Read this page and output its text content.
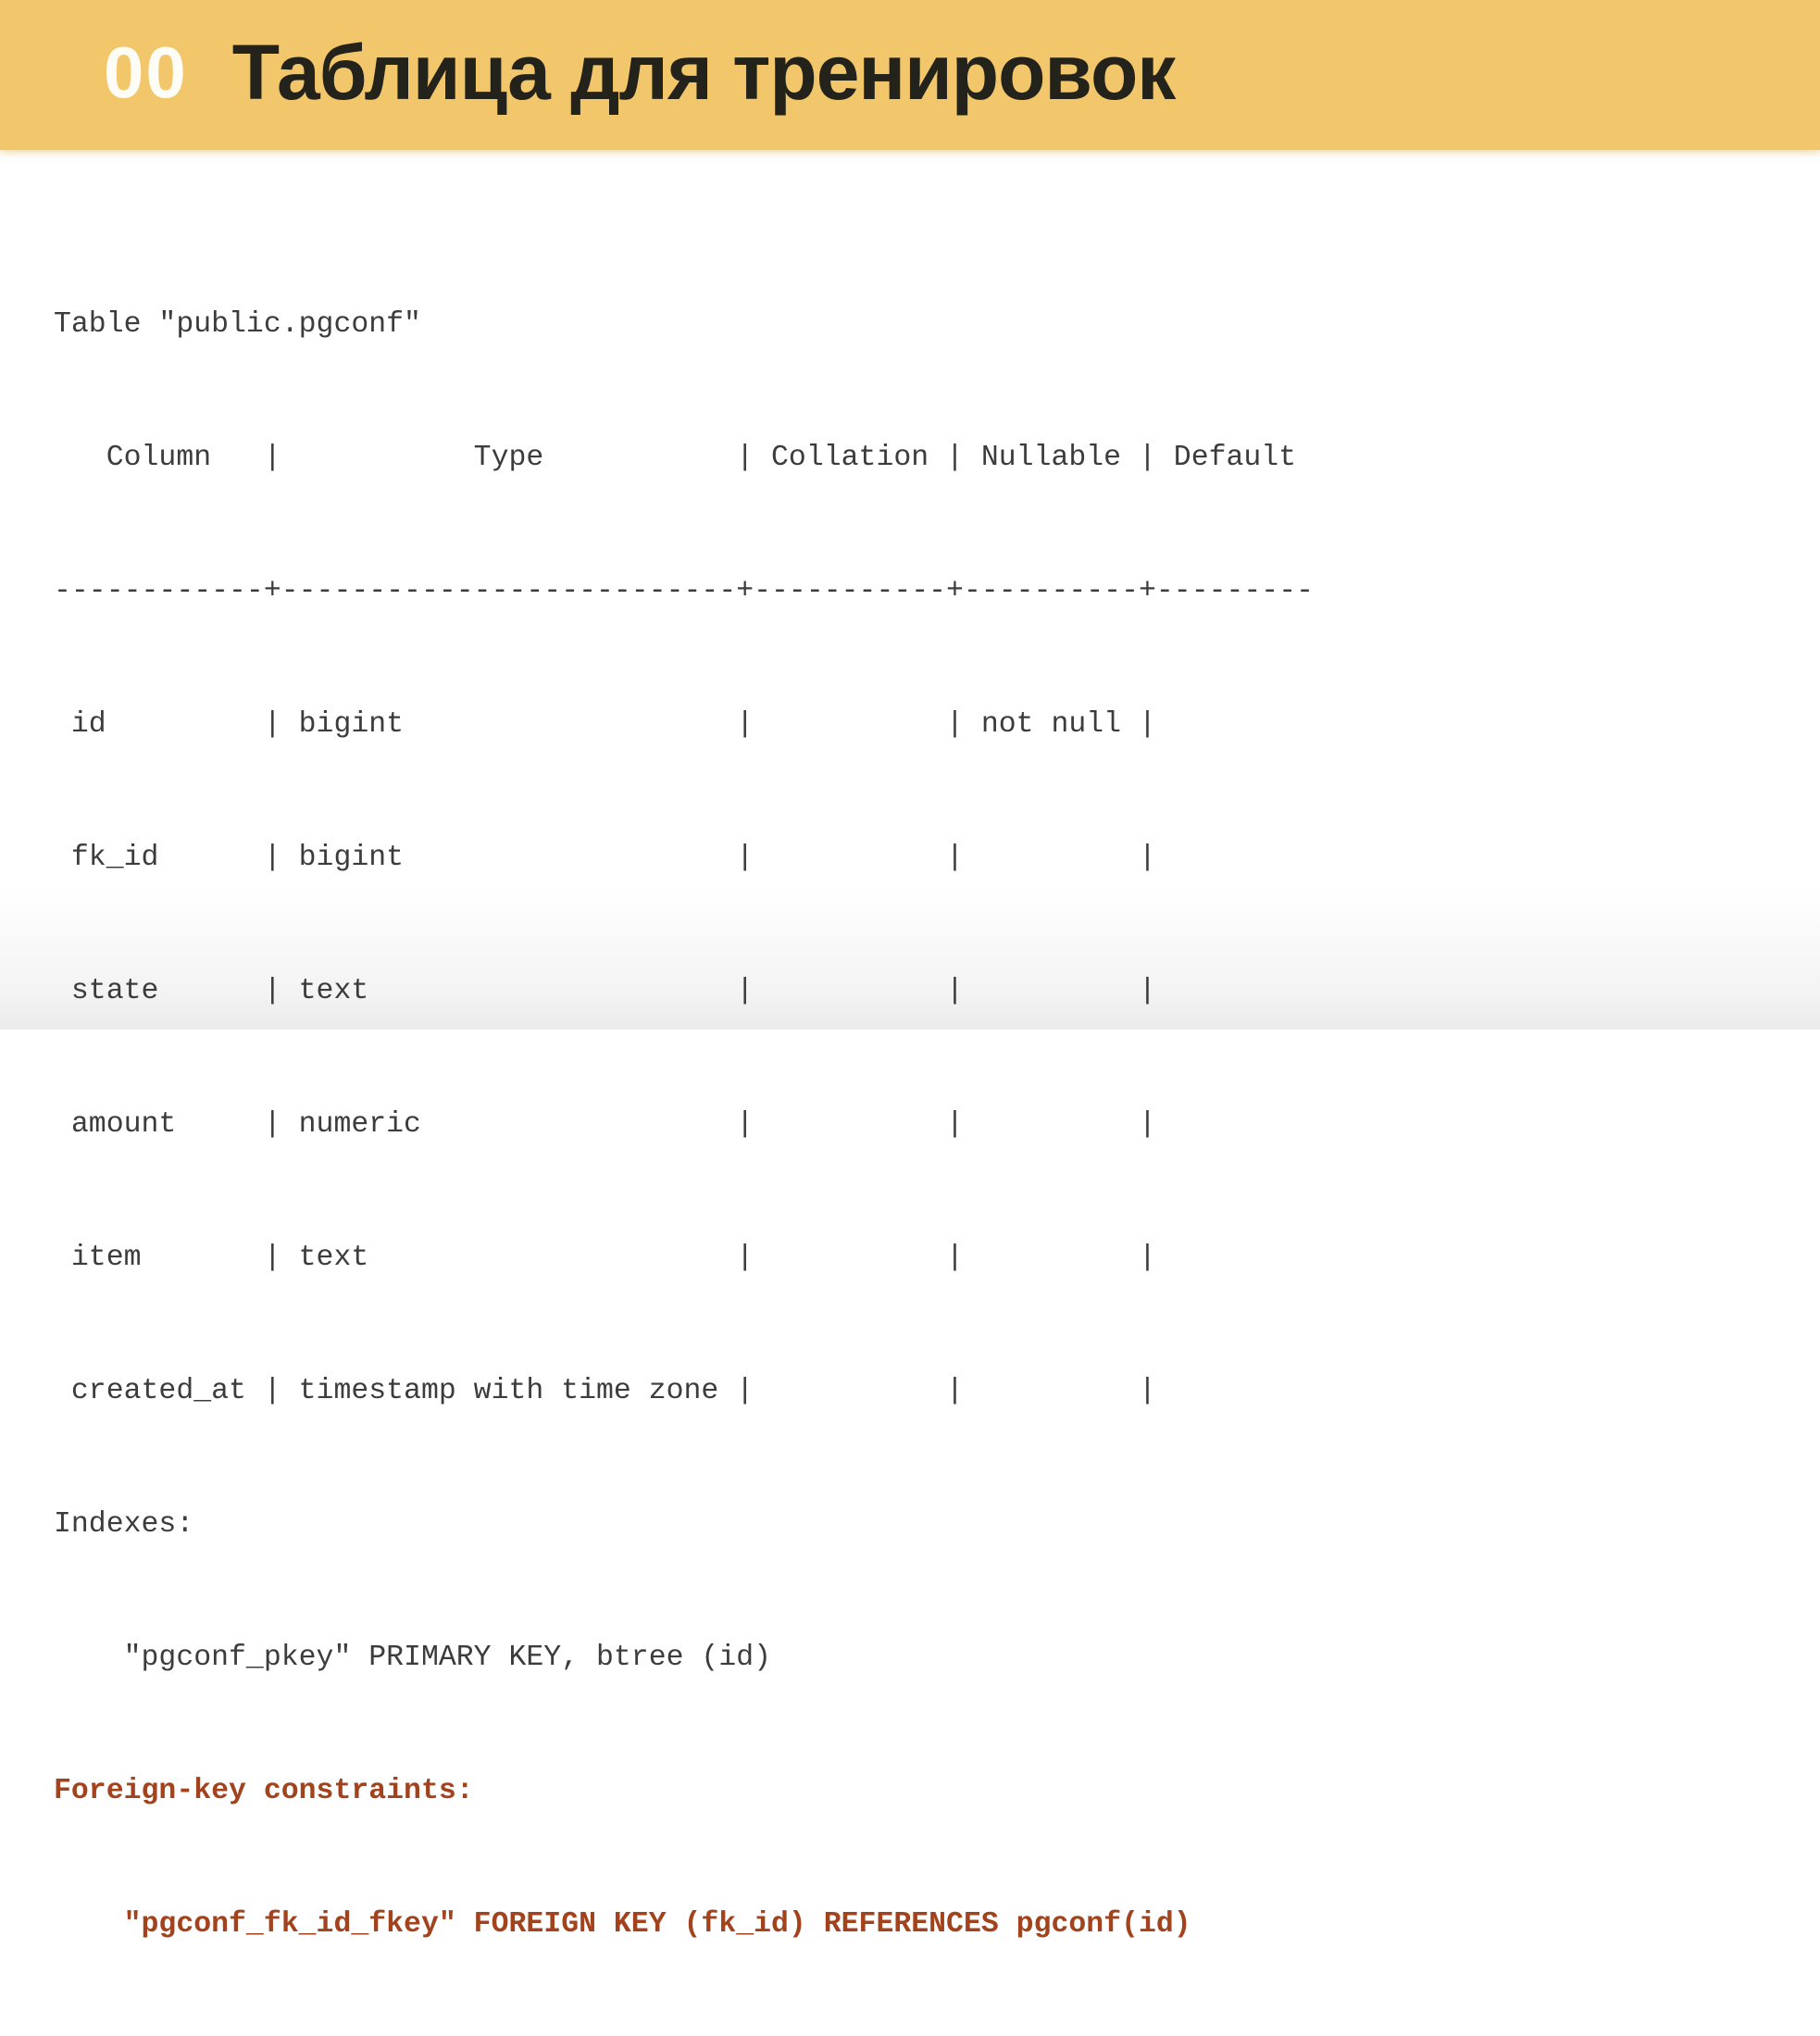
00 Таблица для тренировок

Table "public.pgconf"

Column   |           Type           | Collation | Nullable | Default

------------+--------------------------+-----------+----------+---------

id         | bigint                   |           | not null |

fk_id      | bigint                   |           |          |

state      | text                     |           |          |

amount     | numeric                  |           |          |

item       | text                     |           |          |

created_at | timestamp with time zone |           |          |

Indexes:

"pgconf_pkey" PRIMARY KEY, btree (id)

Foreign-key constraints:

"pgconf_fk_id_fkey" FOREIGN KEY (fk_id) REFERENCES pgconf(id)
